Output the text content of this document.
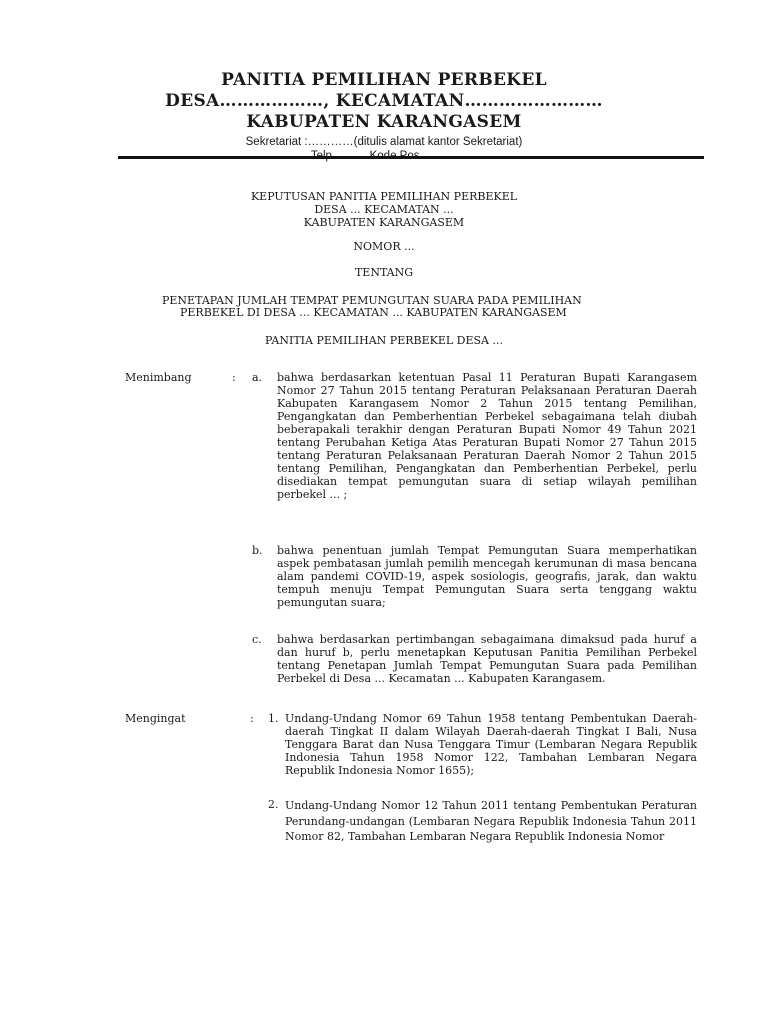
PANITIA PEMILIHAN PERBEKEL
DESA………………, KECAMATAN……………………
KABUPATEN KARANGASEM
Sekretariat :…………(ditulis alamat kantor Sekretariat)
KEPUTUSAN PANITIA PEMILIHAN PERBEKEL
DESA ... KECAMATAN ...
KABUPATEN KARANGASEM
NOMOR ...
TENTANG
PENETAPAN JUMLAH TEMPAT PEMUNGUTAN SUARA PADA PEMILIHAN
PERBEKEL DI DESA ... KECAMATAN ... KABUPATEN KARANGASEM
PANITIA PEMILIHAN PERBEKEL DESA ...
Menimbang	: a. bahwa berdasarkan ketentuan Pasal 11 Peraturan Bupati Karangasem Nomor 27 Tahun 2015 tentang Peraturan Pelaksanaan Peraturan Daerah Kabupaten Karangasem Nomor 2 Tahun 2015 tentang Pemilihan, Pengangkatan dan Pemberhentian Perbekel sebagaimana telah diubah beberapakali terakhir dengan Peraturan Bupati Nomor 49 Tahun 2021 tentang Perubahan Ketiga Atas Peraturan Bupati Nomor 27 Tahun 2015 tentang Peraturan Pelaksanaan Peraturan Daerah Nomor 2 Tahun 2015 tentang Pemilihan, Pengangkatan dan Pemberhentian Perbekel, perlu disediakan tempat pemungutan suara di setiap wilayah pemilihan perbekel ... ;
b. bahwa penentuan jumlah Tempat Pemungutan Suara memperhatikan aspek pembatasan jumlah pemilih mencegah kerumunan di masa bencana alam pandemi COVID-19, aspek sosiologis, geografis, jarak, dan waktu tempuh menuju Tempat Pemungutan Suara serta tenggang waktu pemungutan suara;
c. bahwa berdasarkan pertimbangan sebagaimana dimaksud pada huruf a dan huruf b, perlu menetapkan Keputusan Panitia Pemilihan Perbekel tentang Penetapan Jumlah Tempat Pemungutan Suara pada Pemilihan Perbekel di Desa ... Kecamatan ... Kabupaten Karangasem.
Mengingat	: 1. Undang-Undang Nomor 69 Tahun 1958 tentang Pembentukan Daerah-daerah Tingkat II dalam Wilayah Daerah-daerah Tingkat I Bali, Nusa Tenggara Barat dan Nusa Tenggara Timur (Lembaran Negara Republik Indonesia Tahun 1958 Nomor 122, Tambahan Lembaran Negara Republik Indonesia Nomor 1655);
2. Undang-Undang Nomor 12 Tahun 2011 tentang Pembentukan Peraturan Perundang-undangan (Lembaran Negara Republik Indonesia Tahun 2011 Nomor 82, Tambahan Lembaran Negara Republik Indonesia Nomor
